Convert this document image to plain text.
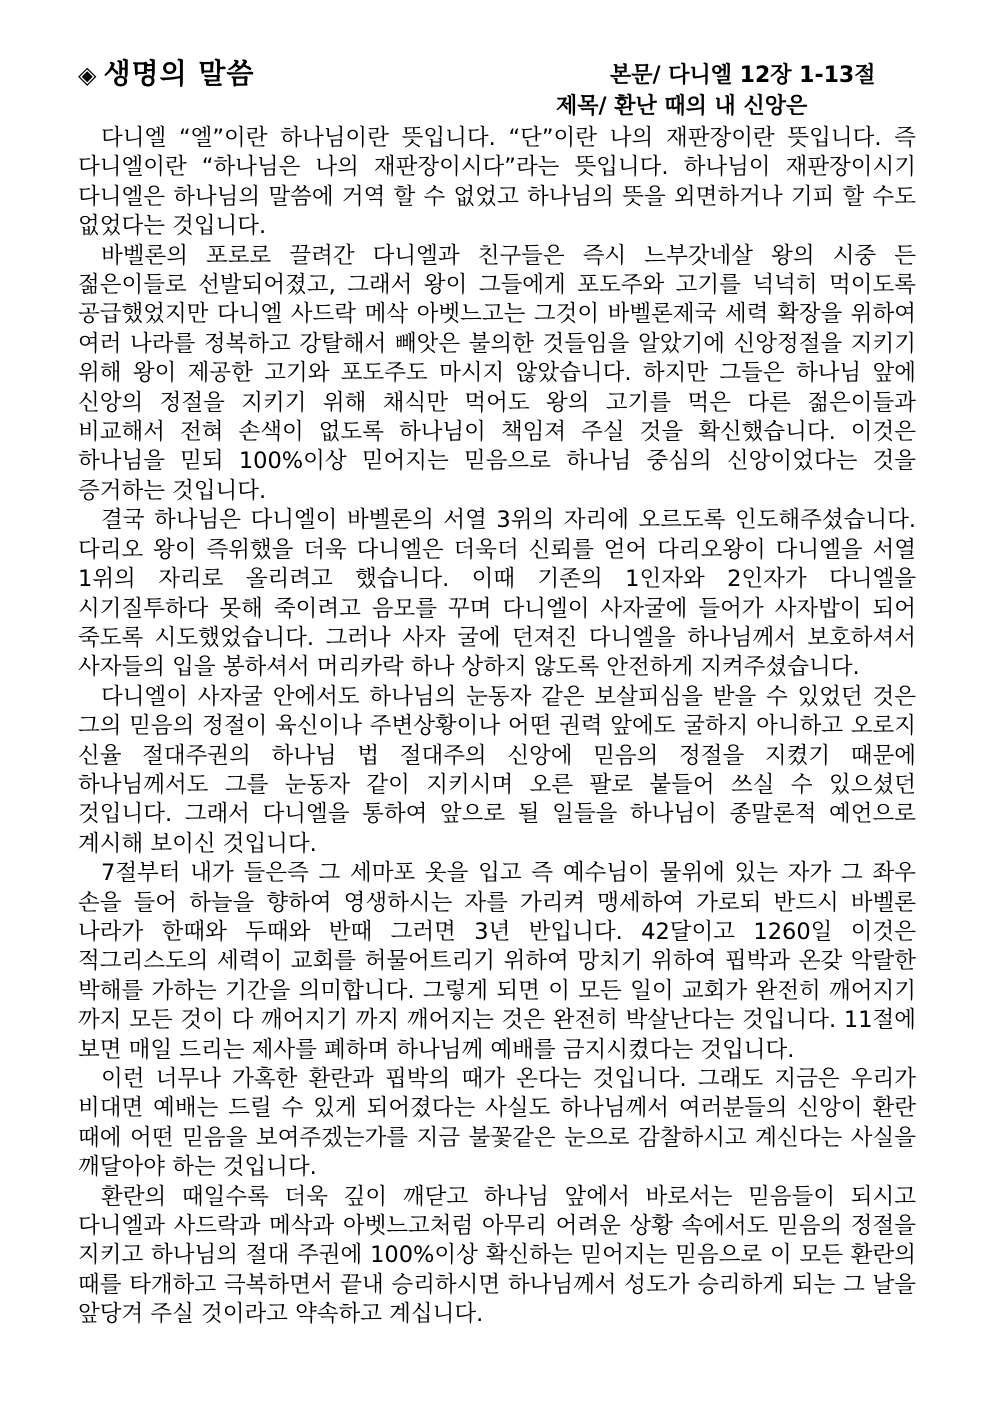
◈ 생명의 말씀	본문/ 다니엘 12장 1-13절
제목/ 환난 때의 내 신앙은

다니엘 “엘”이란 하나님이란 뜻입니다. “단”이란 나의 재판장이란 뜻입니다. 즉 다니엘이란 “하나님은 나의 재판장이시다”라는 뜻입니다. 하나님이 재판장이시기 다니엘은 하나님의 말씀에 거역 할 수 없었고 하나님의 뜻을 외면하거나 기피 할 수도 없었다는 것입니다.

바벨론의 포로로 끌려간 다니엘과 친구들은 즉시 느부갓네살 왕의 시중 든 젊은이들로 선발되어졌고, 그래서 왕이 그들에게 포도주와 고기를 넉넉히 먹이도록 공급했었지만 다니엘 사드락 메삭 아벳느고는 그것이 바벨론제국 세력 확장을 위하여 여러 나라를 정복하고 강탈해서 빼앗은 불의한 것들임을 알았기에 신앙정절을 지키기 위해 왕이 제공한 고기와 포도주도 마시지 않았습니다. 하지만 그들은 하나님 앞에 신앙의 정절을 지키기 위해 채식만 먹어도 왕의 고기를 먹은 다른 젊은이들과 비교해서 전혀 손색이 없도록 하나님이 책임져 주실 것을 확신했습니다. 이것은 하나님을 믿되 100%이상 믿어지는 믿음으로 하나님 중심의 신앙이었다는 것을 증거하는 것입니다.

결국 하나님은 다니엘이 바벨론의 서열 3위의 자리에 오르도록 인도해주셨습니다. 다리오 왕이 즉위했을 더욱 다니엘은 더욱더 신뢰를 얻어 다리오왕이 다니엘을 서열 1위의 자리로 올리려고 했습니다. 이때 기존의 1인자와 2인자가 다니엘을 시기질투하다 못해 죽이려고 음모를 꾸며 다니엘이 사자굴에 들어가 사자밥이 되어 죽도록 시도했었습니다. 그러나 사자 굴에 던져진 다니엘을 하나님께서 보호하셔서 사자들의 입을 봉하셔서 머리카락 하나 상하지 않도록 안전하게 지켜주셨습니다.

다니엘이 사자굴 안에서도 하나님의 눈동자 같은 보살피심을 받을 수 있었던 것은 그의 믿음의 정절이 육신이나 주변상황이나 어떤 권력 앞에도 굴하지 아니하고 오로지 신율 절대주권의 하나님 법 절대주의 신앙에 믿음의 정절을 지켰기 때문에 하나님께서도 그를 눈동자 같이 지키시며 오른 팔로 붙들어 쓰실 수 있으셨던 것입니다. 그래서 다니엘을 통하여 앞으로 될 일들을 하나님이 종말론적 예언으로 계시해 보이신 것입니다.

7절부터 내가 들은즉 그 세마포 옷을 입고 즉 예수님이 물위에 있는 자가 그 좌우 손을 들어 하늘을 향하여 영생하시는 자를 가리켜 맹세하여 가로되 반드시 바벨론 나라가 한때와 두때와 반때 그러면 3년 반입니다. 42달이고 1260일 이것은 적그리스도의 세력이 교회를 허물어트리기 위하여 망치기 위하여 핍박과 온갖 악랄한 박해를 가하는 기간을 의미합니다. 그렇게 되면 이 모든 일이 교회가 완전히 깨어지기 까지 모든 것이 다 깨어지기 까지 깨어지는 것은 완전히 박살난다는 것입니다. 11절에 보면 매일 드리는 제사를 폐하며 하나님께 예배를 금지시켰다는 것입니다.

이런 너무나 가혹한 환란과 핍박의 때가 온다는 것입니다. 그래도 지금은 우리가 비대면 예배는 드릴 수 있게 되어졌다는 사실도 하나님께서 여러분들의 신앙이 환란 때에 어떤 믿음을 보여주겠는가를 지금 불꽃같은 눈으로 감찰하시고 계신다는 사실을 깨달아야 하는 것입니다.

환란의 때일수록 더욱 깊이 깨닫고 하나님 앞에서 바로서는 믿음들이 되시고 다니엘과 사드락과 메삭과 아벳느고처럼 아무리 어려운 상황 속에서도 믿음의 정절을 지키고 하나님의 절대 주권에 100%이상 확신하는 믿어지는 믿음으로 이 모든 환란의 때를 타개하고 극복하면서 끝내 승리하시면 하나님께서 성도가 승리하게 되는 그 날을 앞당겨 주실 것이라고 약속하고 계십니다.
